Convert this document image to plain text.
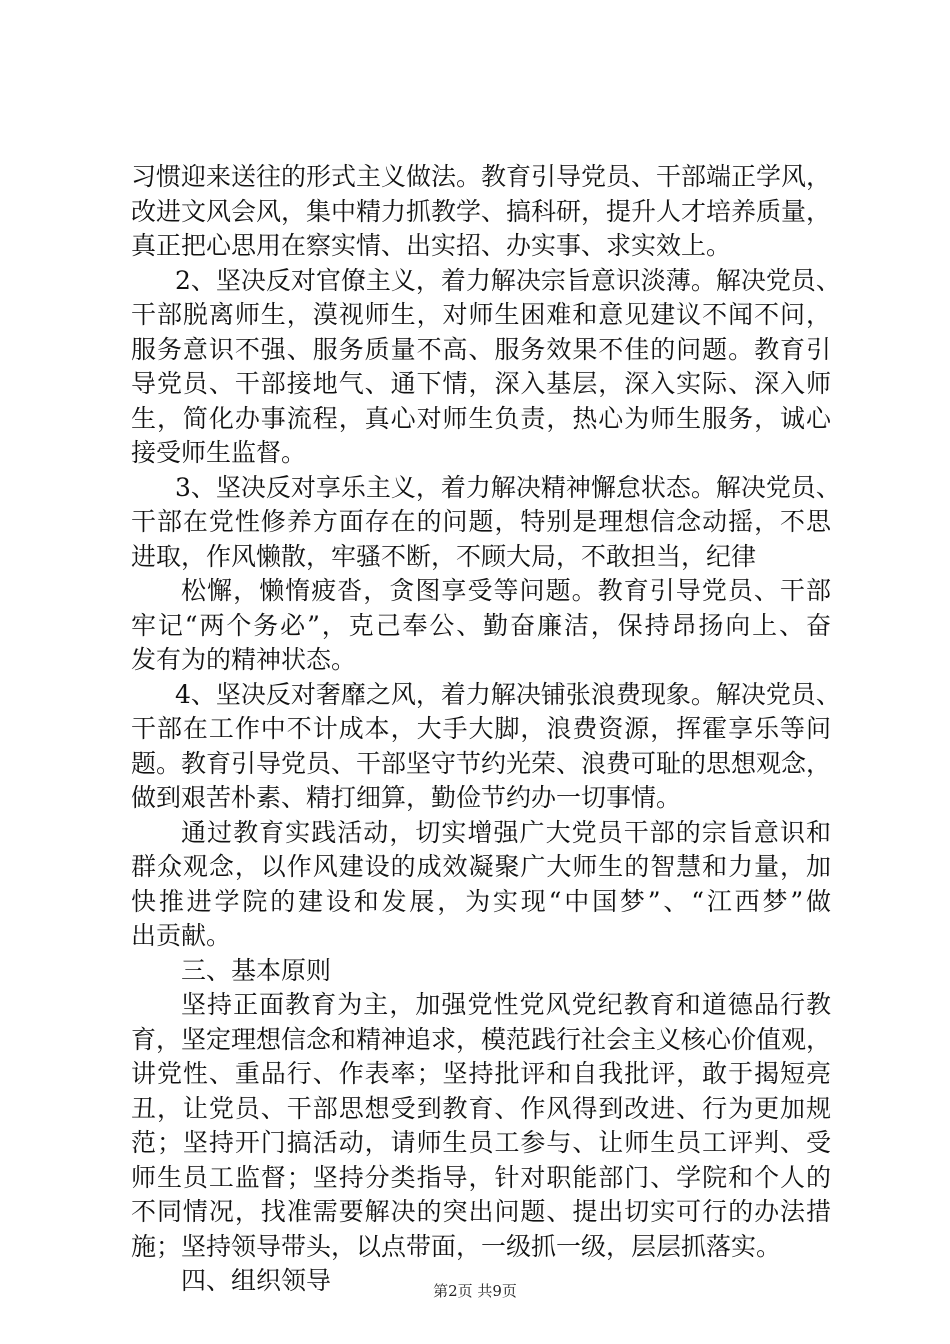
习惯迎来送往的形式主义做法。教育引导党员、干部端正学风，
改进文风会风，集中精力抓教学、搞科研，提升人才培养质量，
真正把心思用在察实情、出实招、办实事、求实效上。
2、坚决反对官僚主义，着力解决宗旨意识淡薄。解决党员、
干部脱离师生，漠视师生，对师生困难和意见建议不闻不问，
服务意识不强、服务质量不高、服务效果不佳的问题。教育引
导党员、干部接地气、通下情，深入基层，深入实际、深入师
生，简化办事流程，真心对师生负责，热心为师生服务，诚心
接受师生监督。
3、坚决反对享乐主义，着力解决精神懈怠状态。解决党员、
干部在党性修养方面存在的问题，特别是理想信念动摇，不思
进取，作风懒散，牢骚不断，不顾大局，不敢担当，纪律
松懈，懒惰疲沓，贪图享受等问题。教育引导党员、干部
牢记“两个务必”，克己奉公、勤奋廉洁，保持昂扬向上、奋
发有为的精神状态。
4、坚决反对奢靡之风，着力解决铺张浪费现象。解决党员、
干部在工作中不计成本，大手大脚，浪费资源，挥霍享乐等问
题。教育引导党员、干部坚守节约光荣、浪费可耻的思想观念，
做到艰苦朴素、精打细算，勤俭节约办一切事情。
通过教育实践活动，切实增强广大党员干部的宗旨意识和
群众观念，以作风建设的成效凝聚广大师生的智慧和力量，加
快推进学院的建设和发展，为实现“中国梦”、“江西梦”做
出贡献。
三、基本原则
坚持正面教育为主，加强党性党风党纪教育和道德品行教
育，坚定理想信念和精神追求，模范践行社会主义核心价值观，
讲党性、重品行、作表率；坚持批评和自我批评，敢于揭短亮
丑，让党员、干部思想受到教育、作风得到改进、行为更加规
范；坚持开门搞活动，请师生员工参与、让师生员工评判、受
师生员工监督；坚持分类指导，针对职能部门、学院和个人的
不同情况，找准需要解决的突出问题、提出切实可行的办法措
施；坚持领导带头，以点带面，一级抓一级，层层抓落实。
四、组织领导	第2页 共9页
